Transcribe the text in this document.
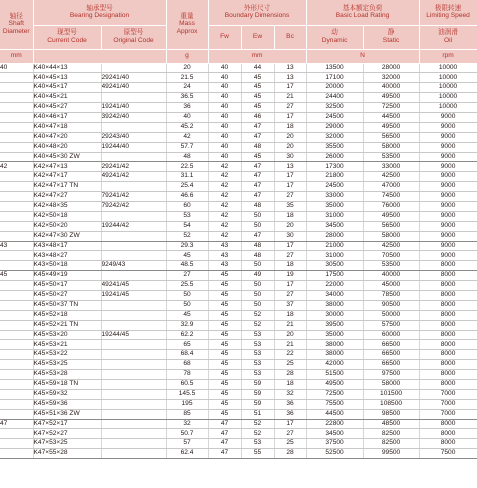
轴径
Shaft
Diameter	轴承型号
Bearing Designation		重量
Mass
Approx	外形尺寸
Boundary Dimensions			基本额定负荷
Basic Load Rating		极限转速
Limiting Speed

	现型号
Current Code	原型号
Original Code		Fw	Ew	Bc	动
Dynamic	静
Static	油润滑
Oil

mm			g	mm			N		rpm

40	K40×44×13		20	40	44	13	13500	28000	10000
	K40×45×13	29241/40	21.5	40	45	13	17100	32000	10000
	K40×45×17	49241/40	24	40	45	17	20000	40000	10000
	K40×45×21		36.5	40	45	21	24400	49500	10000
	K40×45×27	19241/40	36	40	45	27	32500	72500	10000
	K40×46×17	39242/40	40	40	46	17	24500	44500	9000
	K40×47×18		45.2	40	47	18	29000	49500	9000
	K40×47×20	29243/40	42	40	47	20	32000	56500	9000
	K40×48×20	19244/40	57.7	40	48	20	35500	58000	9000
	K40×45×30 ZW		48	40	45	30	26000	53500	9000
42	K42×47×13	29241/42	22.5	42	47	13	17300	33000	9000
	K42×47×17	49241/42	31.1	42	47	17	21800	42500	9000
	K42×47×17 TN		25.4	42	47	17	24500	47000	9000
	K42×47×27	79241/42	46.6	42	47	27	33000	74500	9000
	K42×48×35	79242/42	60	42	48	35	35000	76000	9000
	K42×50×18		53	42	50	18	31000	49500	9000
	K42×50×20	19244/42	54	42	50	20	34500	56500	9000
	K42×47×30 ZW		52	42	47	30	28000	58000	9000
43	K43×48×17		29.3	43	48	17	21000	42500	9000
	K43×48×27		45	43	48	27	31000	70500	9000
	K43×50×18	9249/43	48.5	43	50	18	30500	53500	8000
45	K45×49×19		27	45	49	19	17500	40000	8000
	K45×50×17	49241/45	25.5	45	50	17	22000	45000	8000
	K45×50×27	19241/45	50	45	50	27	34000	78500	8000
	K45×50×37 TN		50	45	50	37	38000	90500	8000
	K45×52×18		45	45	52	18	30000	50000	8000
	K45×52×21 TN		32.9	45	52	21	39500	57500	8000
	K45×53×20	19244/45	62.2	45	53	20	35000	60000	8000
	K45×53×21		65	45	53	21	38000	66500	8000
	K45×53×22		68.4	45	53	22	38000	66500	8000
	K45×53×25		68	45	53	25	42000	66500	8000
	K45×53×28		78	45	53	28	51500	97500	8000
	K45×59×18 TN		60.5	45	59	18	49500	58000	8000
	K45×59×32		145.5	45	59	32	72500	101500	7000
	K45×59×36		195	45	59	36	75500	108500	7000
	K45×51×36 ZW		85	45	51	36	44500	98500	7000
47	K47×52×17		32	47	52	17	22800	48500	8000
	K47×52×27		50.7	47	52	27	34500	82500	8000
	K47×53×25		57	47	53	25	37500	82500	8000
	K47×55×28		62.4	47	55	28	52500	99500	7500
